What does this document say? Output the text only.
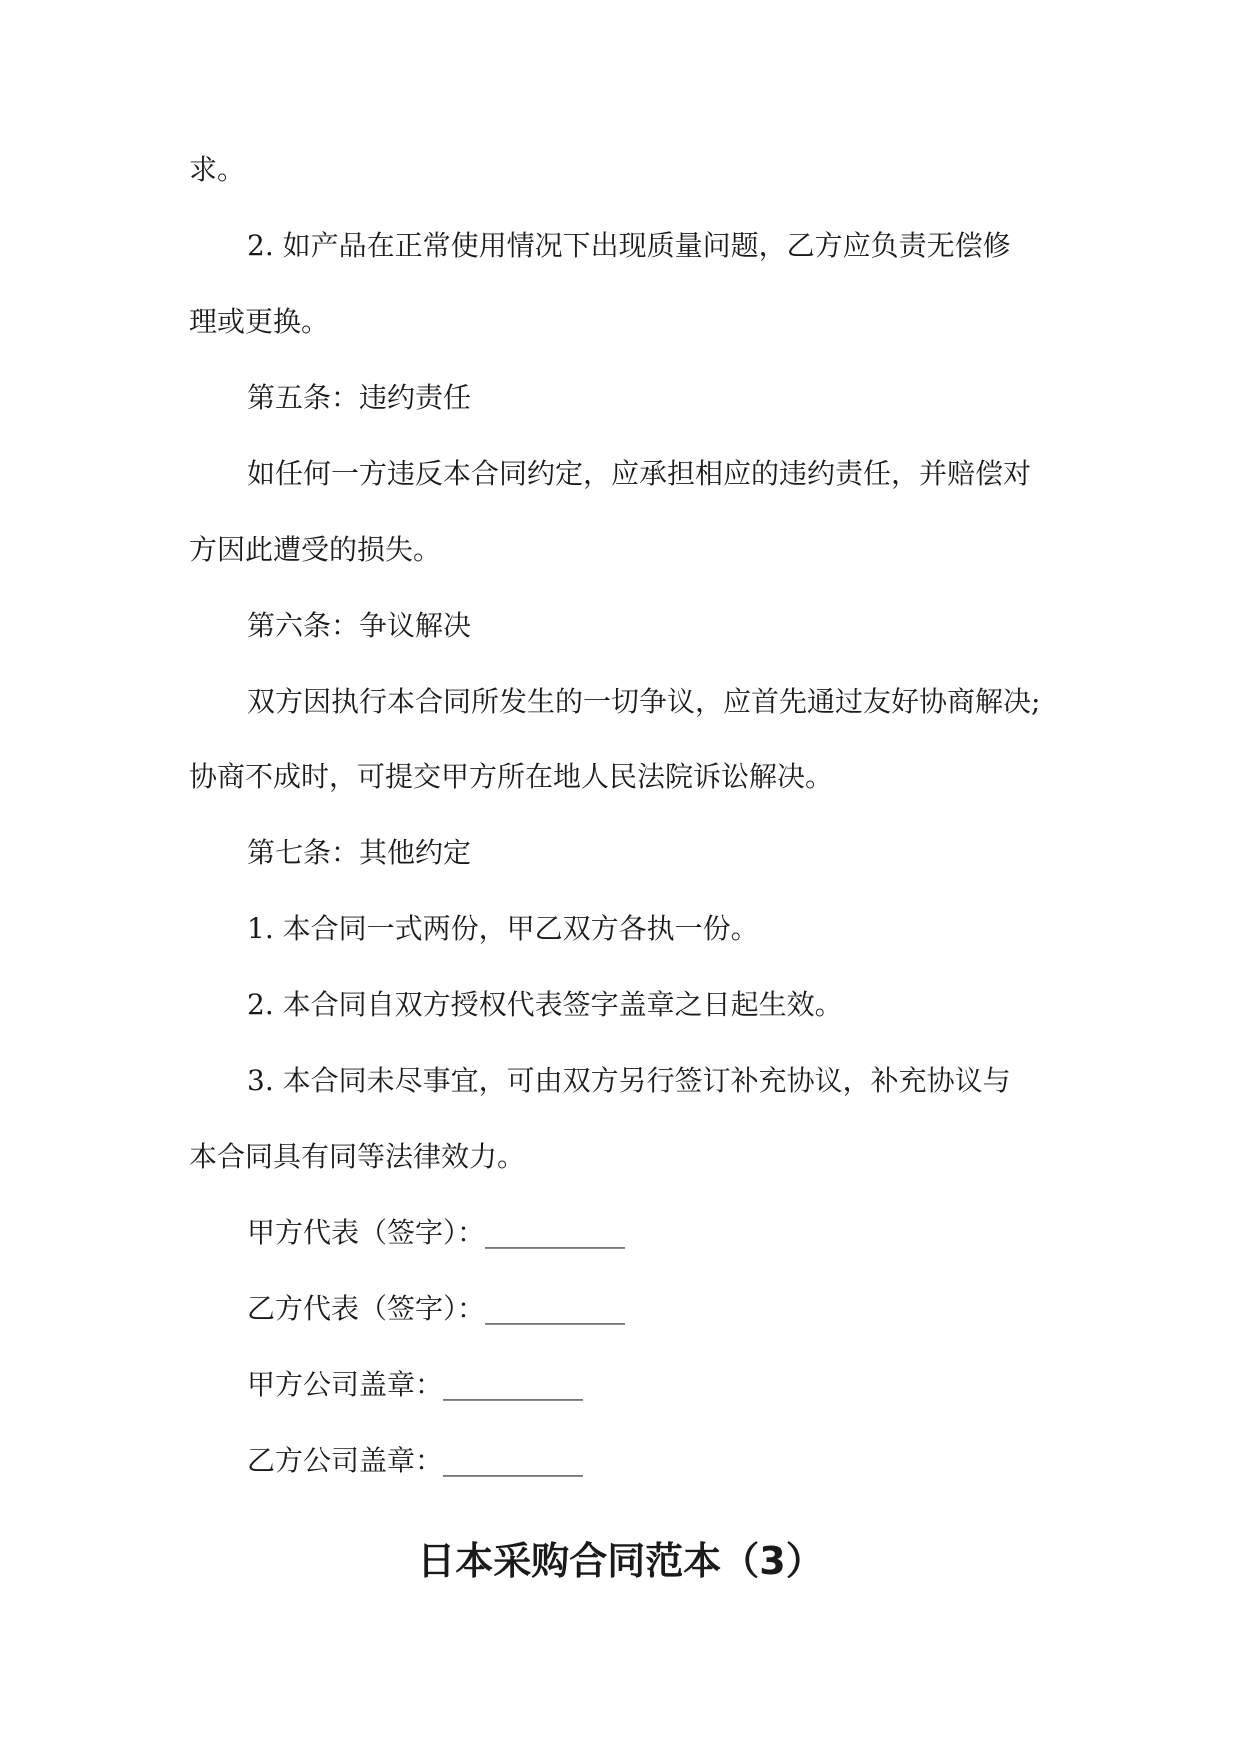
求。
2. 如产品在正常使用情况下出现质量问题，乙方应负责无偿修
理或更换。
第五条：违约责任
如任何一方违反本合同约定，应承担相应的违约责任，并赔偿对
方因此遭受的损失。
第六条：争议解决
双方因执行本合同所发生的一切争议，应首先通过友好协商解决;
协商不成时，可提交甲方所在地人民法院诉讼解决。
第七条：其他约定
1. 本合同一式两份，甲乙双方各执一份。
2. 本合同自双方授权代表签字盖章之日起生效。
3. 本合同未尽事宜，可由双方另行签订补充协议，补充协议与
本合同具有同等法律效力。
甲方代表（签字）：__________
乙方代表（签字）：__________
甲方公司盖章：__________
乙方公司盖章：__________
日本采购合同范本（3）
